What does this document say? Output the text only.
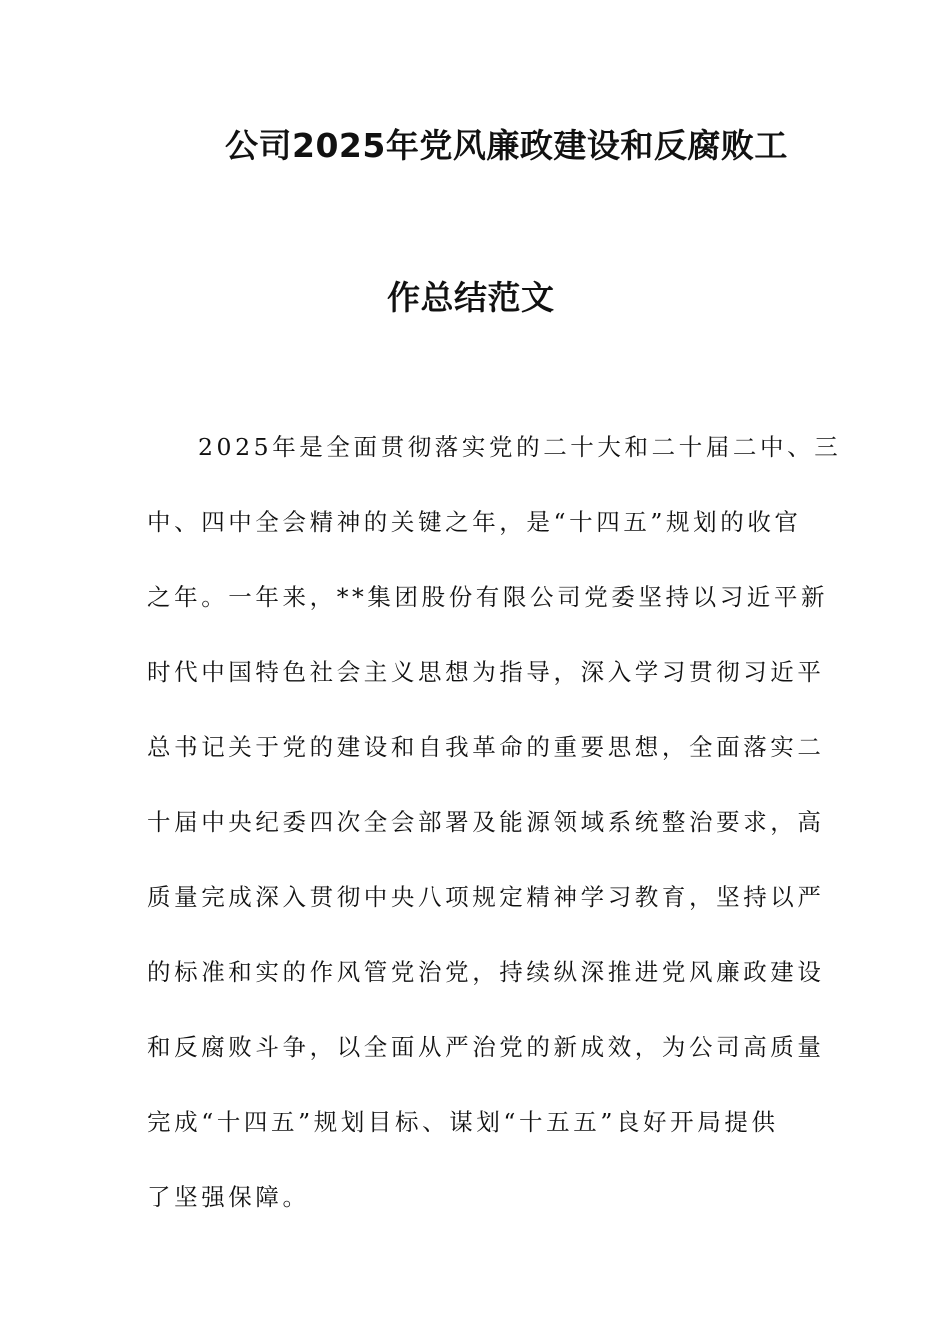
公司2025年党风廉政建设和反腐败工
作总结范文
2025年是全面贯彻落实党的二十大和二十届二中、三
中、四中全会精神的关键之年，是“十四五”规划的收官
之年。一年来，**集团股份有限公司党委坚持以习近平新
时代中国特色社会主义思想为指导，深入学习贯彻习近平
总书记关于党的建设和自我革命的重要思想，全面落实二
十届中央纪委四次全会部署及能源领域系统整治要求，高
质量完成深入贯彻中央八项规定精神学习教育，坚持以严
的标准和实的作风管党治党，持续纵深推进党风廉政建设
和反腐败斗争，以全面从严治党的新成效，为公司高质量
完成“十四五”规划目标、谋划“十五五”良好开局提供
了坚强保障。
